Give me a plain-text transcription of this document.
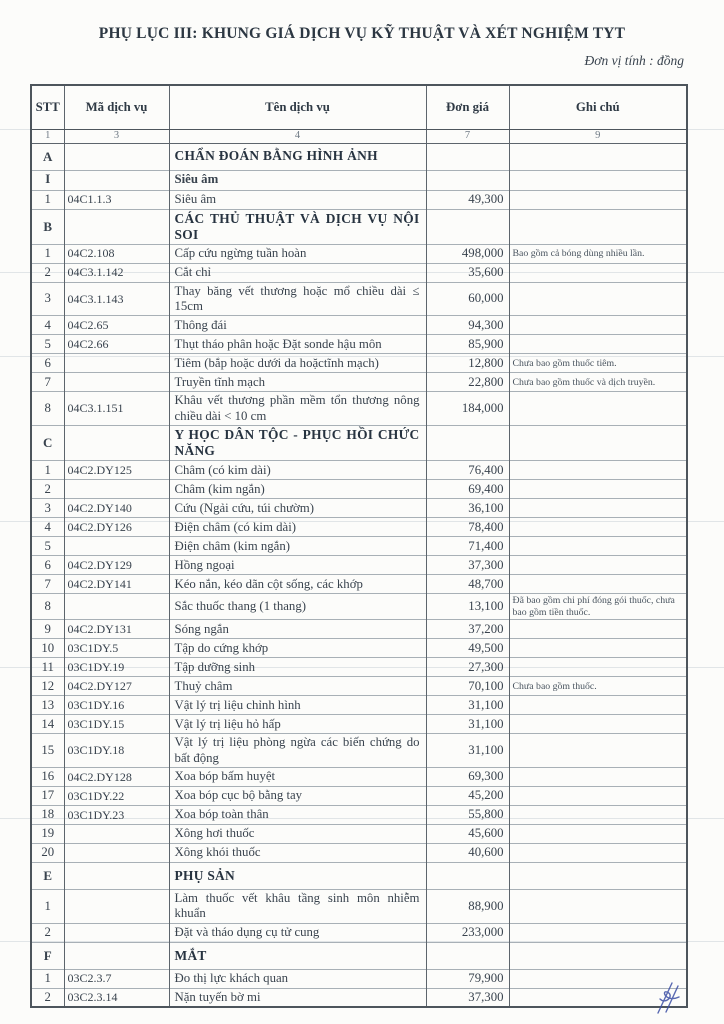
PHỤ LỤC III: KHUNG GIÁ DỊCH VỤ KỸ THUẬT VÀ XÉT NGHIỆM TYT
Đơn vị tính : đồng
STT	Mã dịch vụ	Tên dịch vụ	Đơn giá	Ghi chú
1	3	4	7	9
A		CHẨN ĐOÁN BẰNG HÌNH ẢNH		
I		Siêu âm		
1	04C1.1.3	Siêu âm	49,300	
B		CÁC THỦ THUẬT VÀ DỊCH VỤ NỘI SOI		
1	04C2.108	Cấp cứu ngừng tuần hoàn	498,000	Bao gồm cả bóng dùng nhiều lần.
2	04C3.1.142	Cắt chỉ	35,600	
3	04C3.1.143	Thay băng vết thương hoặc mổ chiều dài ≤ 15cm	60,000	
4	04C2.65	Thông đái	94,300	
5	04C2.66	Thụt tháo phân hoặc Đặt sonde hậu môn	85,900	
6		Tiêm (bắp hoặc dưới da hoặctĩnh mạch)	12,800	Chưa bao gồm thuốc tiêm.
7		Truyền tĩnh mạch	22,800	Chưa bao gồm thuốc và dịch truyền.
8	04C3.1.151	Khâu vết thương phần mềm tổn thương nông chiều dài < 10 cm	184,000	
C		Y HỌC DÂN TỘC - PHỤC HỒI CHỨC NĂNG		
1	04C2.DY125	Châm (có kim dài)	76,400	
2		Châm (kim ngắn)	69,400	
3	04C2.DY140	Cứu (Ngải cứu, túi chườm)	36,100	
4	04C2.DY126	Điện châm (có kim dài)	78,400	
5		Điện châm (kim ngắn)	71,400	
6	04C2.DY129	Hồng ngoại	37,300	
7	04C2.DY141	Kéo nắn, kéo dãn cột sống, các khớp	48,700	
8		Sắc thuốc thang (1 thang)	13,100	Đã bao gồm chi phí đóng gói thuốc, chưa bao gồm tiền thuốc.
9	04C2.DY131	Sóng ngắn	37,200	
10	03C1DY.5	Tập do cứng khớp	49,500	
11	03C1DY.19	Tập dưỡng sinh	27,300	
12	04C2.DY127	Thuỷ châm	70,100	Chưa bao gồm thuốc.
13	03C1DY.16	Vật lý trị liệu chỉnh hình	31,100	
14	03C1DY.15	Vật lý trị liệu hỏ hấp	31,100	
15	03C1DY.18	Vật lý trị liệu phòng ngừa các biến chứng do bất động	31,100	
16	04C2.DY128	Xoa bóp bấm huyệt	69,300	
17	03C1DY.22	Xoa bóp cục bộ bằng tay	45,200	
18	03C1DY.23	Xoa bóp toàn thân	55,800	
19		Xông hơi thuốc	45,600	
20		Xông khói thuốc	40,600	
E		PHỤ SẢN		
1		Làm thuốc vết khâu tầng sinh môn nhiễm khuẩn	88,900	
2		Đặt và tháo dụng cụ tử cung	233,000	
F		MẮT		
1	03C2.3.7	Đo thị lực khách quan	79,900	
2	03C2.3.14	Nặn tuyến bờ mi	37,300	
